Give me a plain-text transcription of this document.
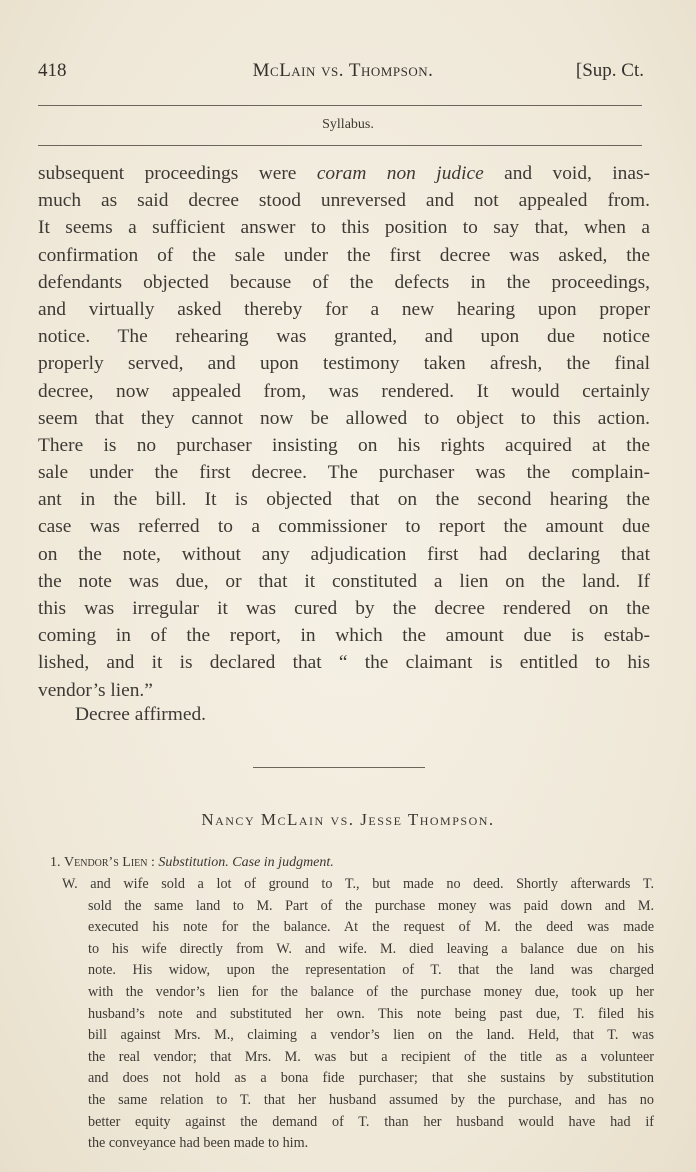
418	McLain vs. Thompson.	[Sup. Ct.
Syllabus.
subsequent proceedings were coram non judice and void, inas-
much as said decree stood unreversed and not appealed from.
It seems a sufficient answer to this position to say that, when a
confirmation of the sale under the first decree was asked, the
defendants objected because of the defects in the proceedings,
and virtually asked thereby for a new hearing upon proper
notice. The rehearing was granted, and upon due notice
properly served, and upon testimony taken afresh, the final
decree, now appealed from, was rendered. It would certainly
seem that they cannot now be allowed to object to this action.
There is no purchaser insisting on his rights acquired at the
sale under the first decree. The purchaser was the complain-
ant in the bill. It is objected that on the second hearing the
case was referred to a commissioner to report the amount due
on the note, without any adjudication first had declaring that
the note was due, or that it constituted a lien on the land. If
this was irregular it was cured by the decree rendered on the
coming in of the report, in which the amount due is estab-
lished, and it is declared that “ the claimant is entitled to his
vendor’s lien.”
Decree affirmed.
Nancy McLain vs. Jesse Thompson.
1. Vendor’s Lien : Substitution. Case in judgment.
W. and wife sold a lot of ground to T., but made no deed. Shortly afterwards T.
sold the same land to M. Part of the purchase money was paid down and M.
executed his note for the balance. At the request of M. the deed was made
to his wife directly from W. and wife. M. died leaving a balance due on his
note. His widow, upon the representation of T. that the land was charged
with the vendor’s lien for the balance of the purchase money due, took up her
husband’s note and substituted her own. This note being past due, T. filed his
bill against Mrs. M., claiming a vendor’s lien on the land. Held, that T. was
the real vendor; that Mrs. M. was but a recipient of the title as a volunteer
and does not hold as a bona fide purchaser; that she sustains by substitution
the same relation to T. that her husband assumed by the purchase, and has no
better equity against the demand of T. than her husband would have had if
the conveyance had been made to him.
